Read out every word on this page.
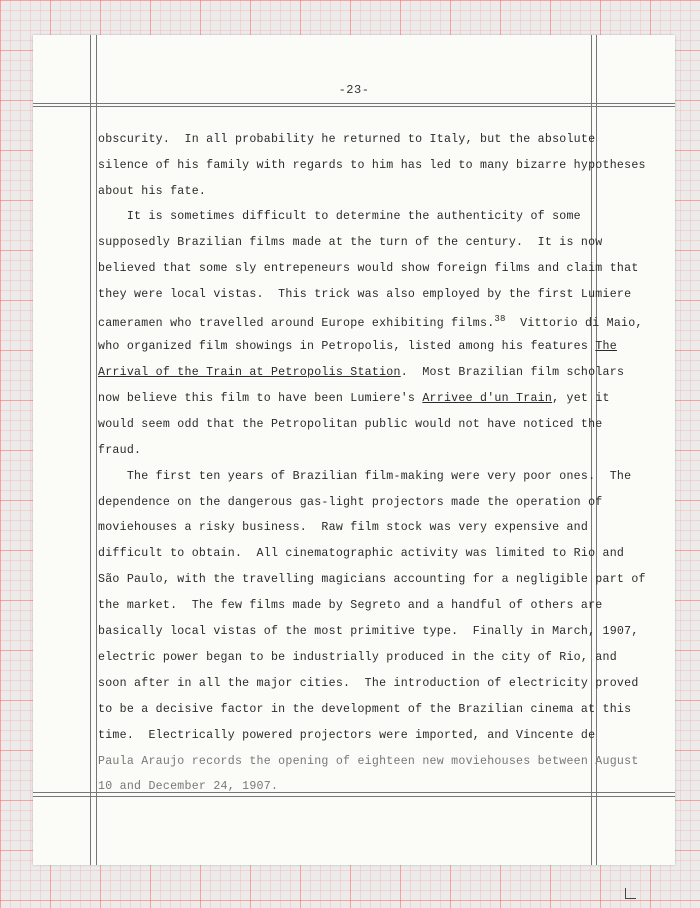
-23-
obscurity.  In all probability he returned to Italy, but the absolute
silence of his family with regards to him has led to many bizarre hypotheses
about his fate.
It is sometimes difficult to determine the authenticity of some
supposedly Brazilian films made at the turn of the century.  It is now
believed that some sly entrepeneurs would show foreign films and claim that
they were local vistas.  This trick was also employed by the first Lumiere
cameramen who travelled around Europe exhibiting films.$^{38}$  Vittorio di Maio,
who organized film showings in Petropolis, listed among his features The
Arrival of the Train at Petropolis Station.  Most Brazilian film scholars
now believe this film to have been Lumiere's Arrivee d'un Train, yet it
would seem odd that the Petropolitan public would not have noticed the
fraud.
The first ten years of Brazilian film-making were very poor ones.  The
dependence on the dangerous gas-light projectors made the operation of
moviehouses a risky business.  Raw film stock was very expensive and
difficult to obtain.  All cinematographic activity was limited to Rio and
São Paulo, with the travelling magicians accounting for a negligible part of
the market.  The few films made by Segreto and a handful of others are
basically local vistas of the most primitive type.  Finally in March, 1907,
electric power began to be industrially produced in the city of Rio, and
soon after in all the major cities.  The introduction of electricity proved
to be a decisive factor in the development of the Brazilian cinema at this
time.  Electrically powered projectors were imported, and Vincente de
Paula Araujo records the opening of eighteen new moviehouses between August
10 and December 24, 1907.
